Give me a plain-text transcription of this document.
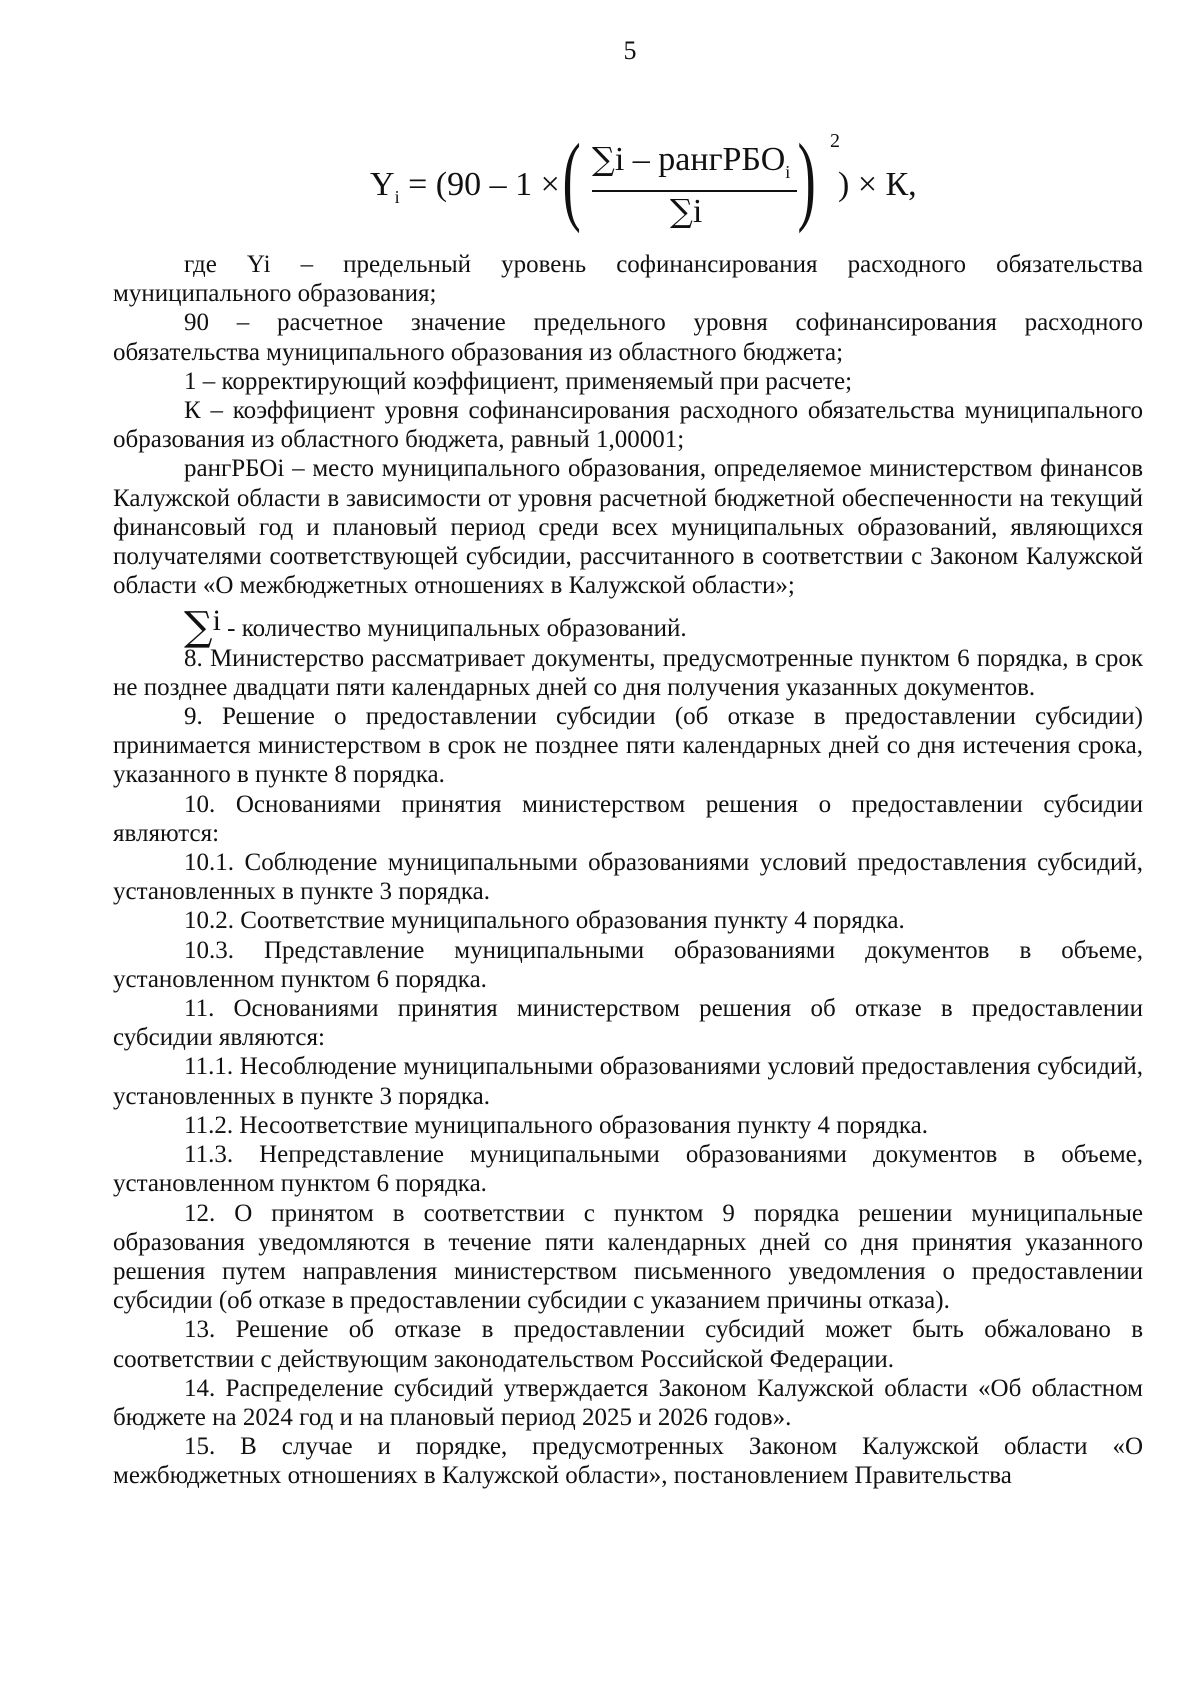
5
$Y_i = (90 - 1$ × ( ∑i – рангРБО$_i$
∑i ) 2
) × К,

где Yi – предельный уровень софинансирования расходного обязательства муниципального образования;

90 – расчетное значение предельного уровня софинансирования расходного обязательства муниципального образования из областного бюджета;

1 – корректирующий коэффициент, применяемый при расчете;

К – коэффициент уровня софинансирования расходного обязательства муниципального образования из областного бюджета, равный 1,00001;

рангРБОi – место муниципального образования, определяемое министерством финансов Калужской области в зависимости от уровня расчетной бюджетной обеспеченности на текущий финансовый год и плановый период среди всех муниципальных образований, являющихся получателями соответствующей субсидии, рассчитанного в соответствии с Законом Калужской области «О межбюджетных отношениях в Калужской области»;

∑i - количество муниципальных образований.

8. Министерство рассматривает документы, предусмотренные пунктом 6 порядка, в срок не позднее двадцати пяти календарных дней со дня получения указанных документов.

9. Решение о предоставлении субсидии (об отказе в предоставлении субсидии) принимается министерством в срок не позднее пяти календарных дней со дня истечения срока, указанного в пункте 8 порядка.

10. Основаниями принятия министерством решения о предоставлении субсидии являются:

10.1. Соблюдение муниципальными образованиями условий предоставления субсидий, установленных в пункте 3 порядка.

10.2. Соответствие муниципального образования пункту 4 порядка.

10.3. Представление муниципальными образованиями документов в объеме, установленном пунктом 6 порядка.

11. Основаниями принятия министерством решения об отказе в предоставлении субсидии являются:

11.1. Несоблюдение муниципальными образованиями условий предоставления субсидий, установленных в пункте 3 порядка.

11.2. Несоответствие муниципального образования пункту 4 порядка.

11.3. Непредставление муниципальными образованиями документов в объеме, установленном пунктом 6 порядка.

12. О принятом в соответствии с пунктом 9 порядка решении муниципальные образования уведомляются в течение пяти календарных дней со дня принятия указанного решения путем направления министерством письменного уведомления о предоставлении субсидии (об отказе в предоставлении субсидии с указанием причины отказа).

13. Решение об отказе в предоставлении субсидий может быть обжаловано в соответствии с действующим законодательством Российской Федерации.

14. Распределение субсидий утверждается Законом Калужской области «Об областном бюджете на 2024 год и на плановый период 2025 и 2026 годов».

15. В случае и порядке, предусмотренных Законом Калужской области «О межбюджетных отношениях в Калужской области», постановлением Правительства
